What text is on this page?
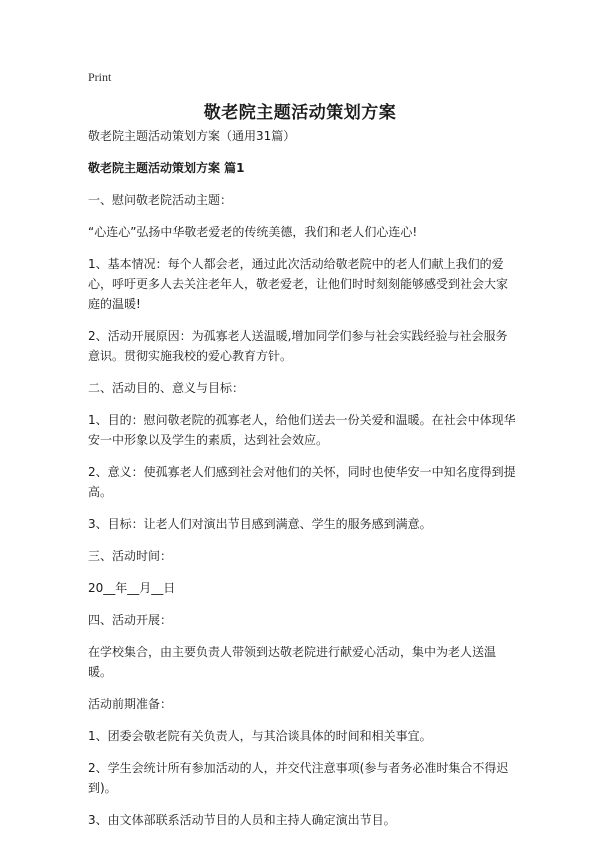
Print
敬老院主题活动策划方案

敬老院主题活动策划方案（通用31篇）

敬老院主题活动策划方案 篇1

一、慰问敬老院活动主题：

“心连心”弘扬中华敬老爱老的传统美德，我们和老人们心连心!

1、基本情况：每个人都会老，通过此次活动给敬老院中的老人们献上我们的爱心，呼吁更多人去关注老年人，敬老爱老，让他们时时刻刻能够感受到社会大家庭的温暖!

2、活动开展原因：为孤寡老人送温暖,增加同学们参与社会实践经验与社会服务意识。贯彻实施我校的爱心教育方针。

二、活动目的、意义与目标：

1、目的：慰问敬老院的孤寡老人，给他们送去一份关爱和温暖。在社会中体现华安一中形象以及学生的素质，达到社会效应。

2、意义：使孤寡老人们感到社会对他们的关怀，同时也使华安一中知名度得到提高。

3、目标：让老人们对演出节目感到满意、学生的服务感到满意。

三、活动时间：

20__年__月__日

四、活动开展：

在学校集合，由主要负责人带领到达敬老院进行献爱心活动，集中为老人送温暖。

活动前期准备：

1、团委会敬老院有关负责人，与其洽谈具体的时间和相关事宜。

2、学生会统计所有参加活动的人，并交代注意事项(参与者务必准时集合不得迟到)。

3、由文体部联系活动节目的人员和主持人确定演出节目。
